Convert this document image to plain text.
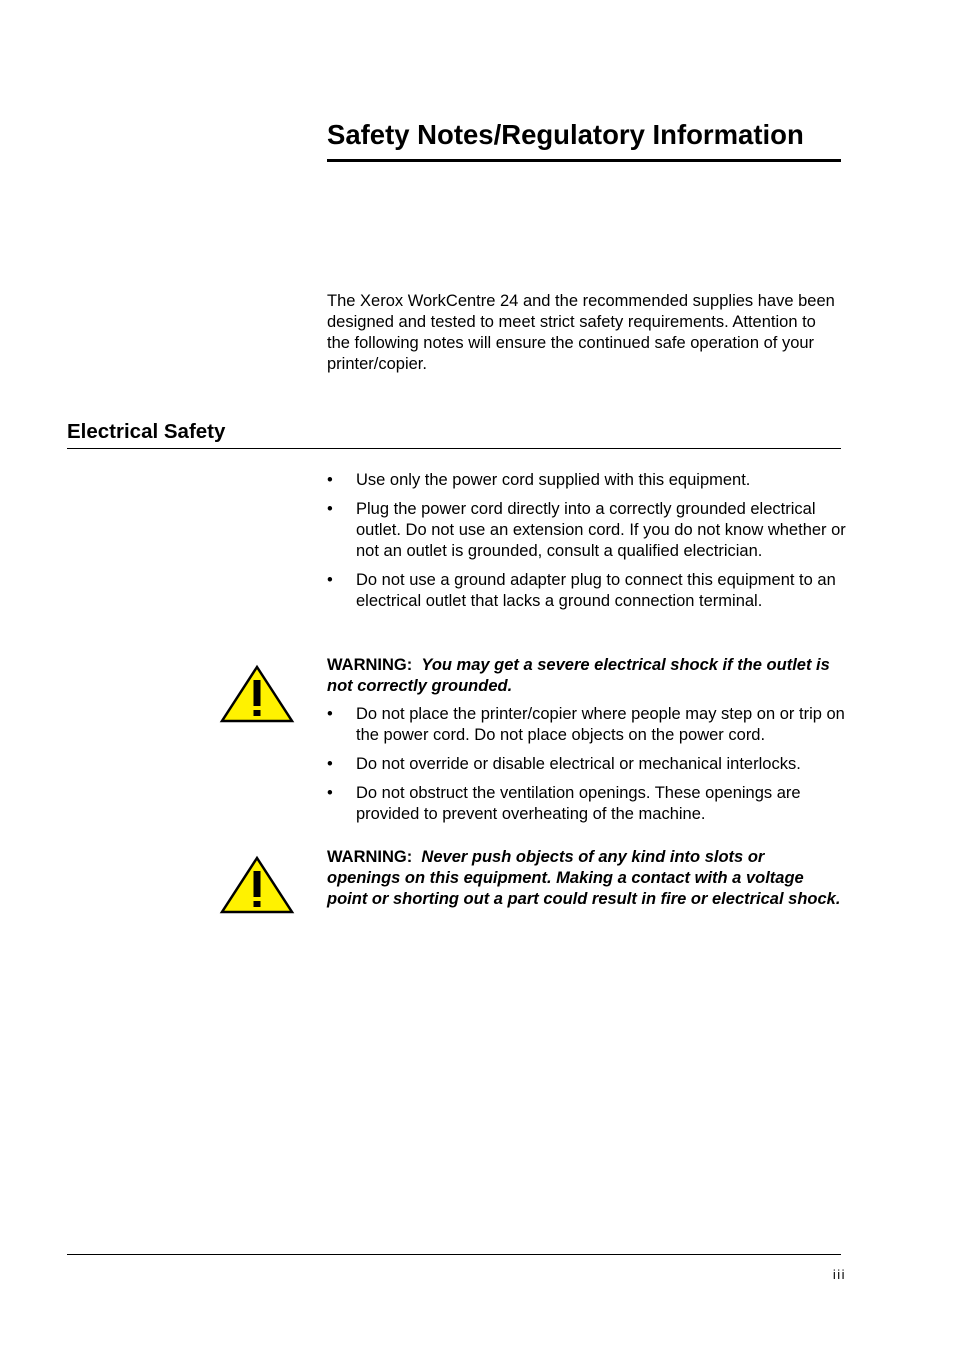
Safety Notes/Regulatory Information

The Xerox WorkCentre 24 and the recommended supplies have been designed and tested to meet strict safety requirements. Attention to the following notes will ensure the continued safe operation of your printer/copier.

Electrical Safety
• Use only the power cord supplied with this equipment.
• Plug the power cord directly into a correctly grounded electrical outlet. Do not use an extension cord. If you do not know whether or not an outlet is grounded, consult a qualified electrician.
• Do not use a ground adapter plug to connect this equipment to an electrical outlet that lacks a ground connection terminal.

WARNING: You may get a severe electrical shock if the outlet is not correctly grounded.

• Do not place the printer/copier where people may step on or trip on the power cord. Do not place objects on the power cord.
• Do not override or disable electrical or mechanical interlocks.
• Do not obstruct the ventilation openings. These openings are provided to prevent overheating of the machine.

WARNING: Never push objects of any kind into slots or openings on this equipment. Making a contact with a voltage point or shorting out a part could result in fire or electrical shock.

iii
